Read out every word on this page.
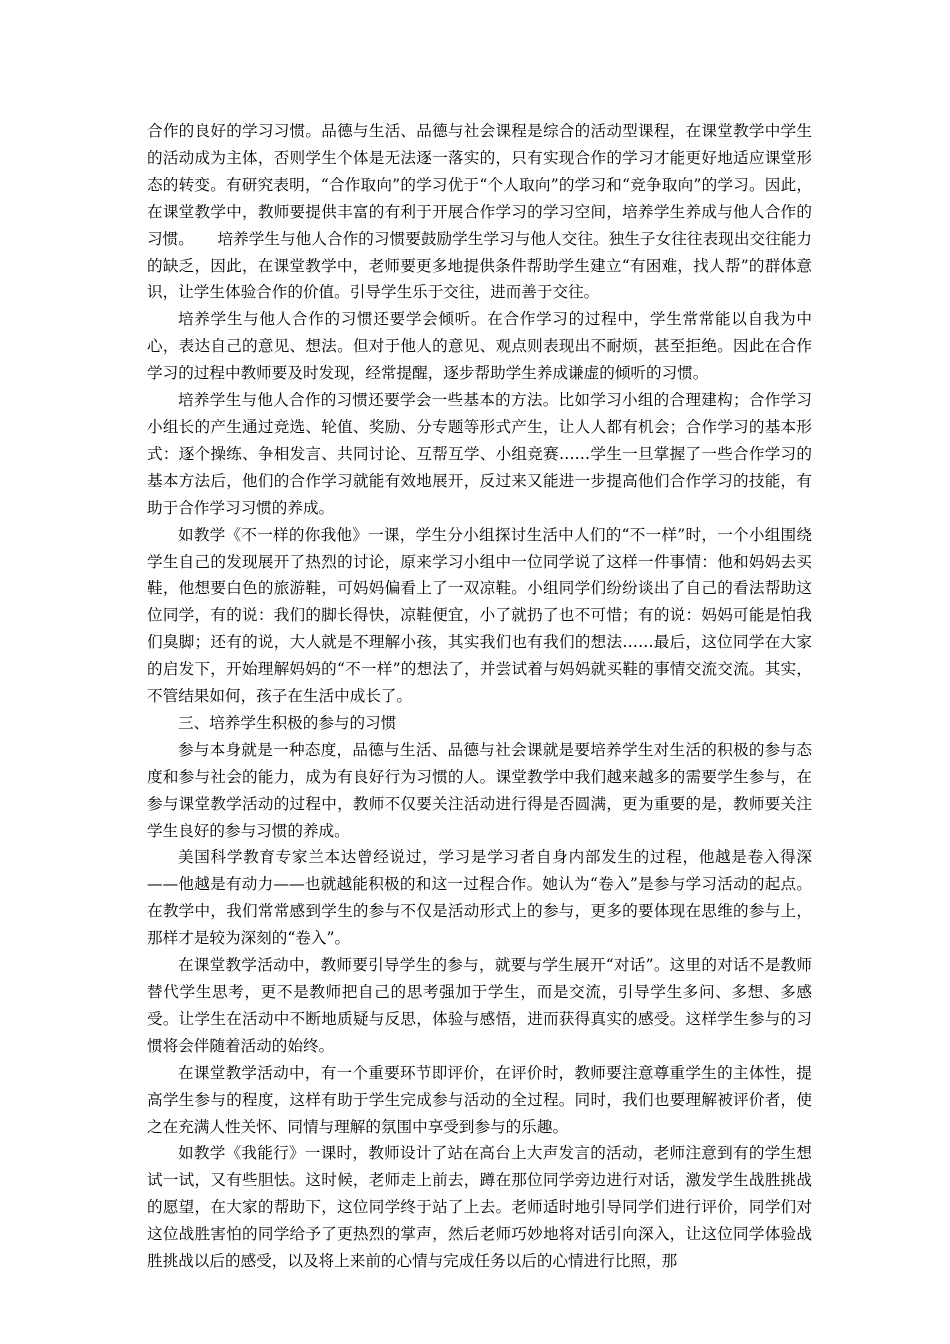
合作的良好的学习习惯。品德与生活、品德与社会课程是综合的活动型课程，在课堂教学中学生的活动成为主体，否则学生个体是无法逐一落实的，只有实现合作的学习才能更好地适应课堂形态的转变。有研究表明，“合作取向”的学习优于“个人取向”的学习和“竞争取向”的学习。因此，在课堂教学中，教师要提供丰富的有利于开展合作学习的学习空间，培养学生养成与他人合作的习惯。　　培养学生与他人合作的习惯要鼓励学生学习与他人交往。独生子女往往表现出交往能力的缺乏，因此，在课堂教学中，老师要更多地提供条件帮助学生建立“有困难，找人帮”的群体意识，让学生体验合作的价值。引导学生乐于交往，进而善于交往。

培养学生与他人合作的习惯还要学会倾听。在合作学习的过程中，学生常常能以自我为中心，表达自己的意见、想法。但对于他人的意见、观点则表现出不耐烦，甚至拒绝。因此在合作学习的过程中教师要及时发现，经常提醒，逐步帮助学生养成谦虚的倾听的习惯。

培养学生与他人合作的习惯还要学会一些基本的方法。比如学习小组的合理建构；合作学习小组长的产生通过竞选、轮值、奖励、分专题等形式产生，让人人都有机会；合作学习的基本形式：逐个操练、争相发言、共同讨论、互帮互学、小组竞赛……学生一旦掌握了一些合作学习的基本方法后，他们的合作学习就能有效地展开，反过来又能进一步提高他们合作学习的技能，有助于合作学习习惯的养成。

如教学《不一样的你我他》一课，学生分小组探讨生活中人们的“不一样”时，一个小组围绕学生自己的发现展开了热烈的讨论，原来学习小组中一位同学说了这样一件事情：他和妈妈去买鞋，他想要白色的旅游鞋，可妈妈偏看上了一双凉鞋。小组同学们纷纷谈出了自己的看法帮助这位同学，有的说：我们的脚长得快，凉鞋便宜，小了就扔了也不可惜；有的说：妈妈可能是怕我们臭脚；还有的说，大人就是不理解小孩，其实我们也有我们的想法……最后，这位同学在大家的启发下，开始理解妈妈的“不一样”的想法了，并尝试着与妈妈就买鞋的事情交流交流。其实，不管结果如何，孩子在生活中成长了。

三、培养学生积极的参与的习惯

参与本身就是一种态度，品德与生活、品德与社会课就是要培养学生对生活的积极的参与态度和参与社会的能力，成为有良好行为习惯的人。课堂教学中我们越来越多的需要学生参与，在参与课堂教学活动的过程中，教师不仅要关注活动进行得是否圆满，更为重要的是，教师要关注学生良好的参与习惯的养成。

美国科学教育专家兰本达曾经说过，学习是学习者自身内部发生的过程，他越是卷入得深——他越是有动力——也就越能积极的和这一过程合作。她认为“卷入”是参与学习活动的起点。在教学中，我们常常感到学生的参与不仅是活动形式上的参与，更多的要体现在思维的参与上，那样才是较为深刻的“卷入”。

在课堂教学活动中，教师要引导学生的参与，就要与学生展开“对话”。这里的对话不是教师替代学生思考，更不是教师把自己的思考强加于学生，而是交流，引导学生多问、多想、多感受。让学生在活动中不断地质疑与反思，体验与感悟，进而获得真实的感受。这样学生参与的习惯将会伴随着活动的始终。

在课堂教学活动中，有一个重要环节即评价，在评价时，教师要注意尊重学生的主体性，提高学生参与的程度，这样有助于学生完成参与活动的全过程。同时，我们也要理解被评价者，使之在充满人性关怀、同情与理解的氛围中享受到参与的乐趣。

如教学《我能行》一课时，教师设计了站在高台上大声发言的活动，老师注意到有的学生想试一试，又有些胆怯。这时候，老师走上前去，蹲在那位同学旁边进行对话，激发学生战胜挑战的愿望，在大家的帮助下，这位同学终于站了上去。老师适时地引导同学们进行评价，同学们对这位战胜害怕的同学给予了更热烈的掌声，然后老师巧妙地将对话引向深入，让这位同学体验战胜挑战以后的感受，以及将上来前的心情与完成任务以后的心情进行比照，那
